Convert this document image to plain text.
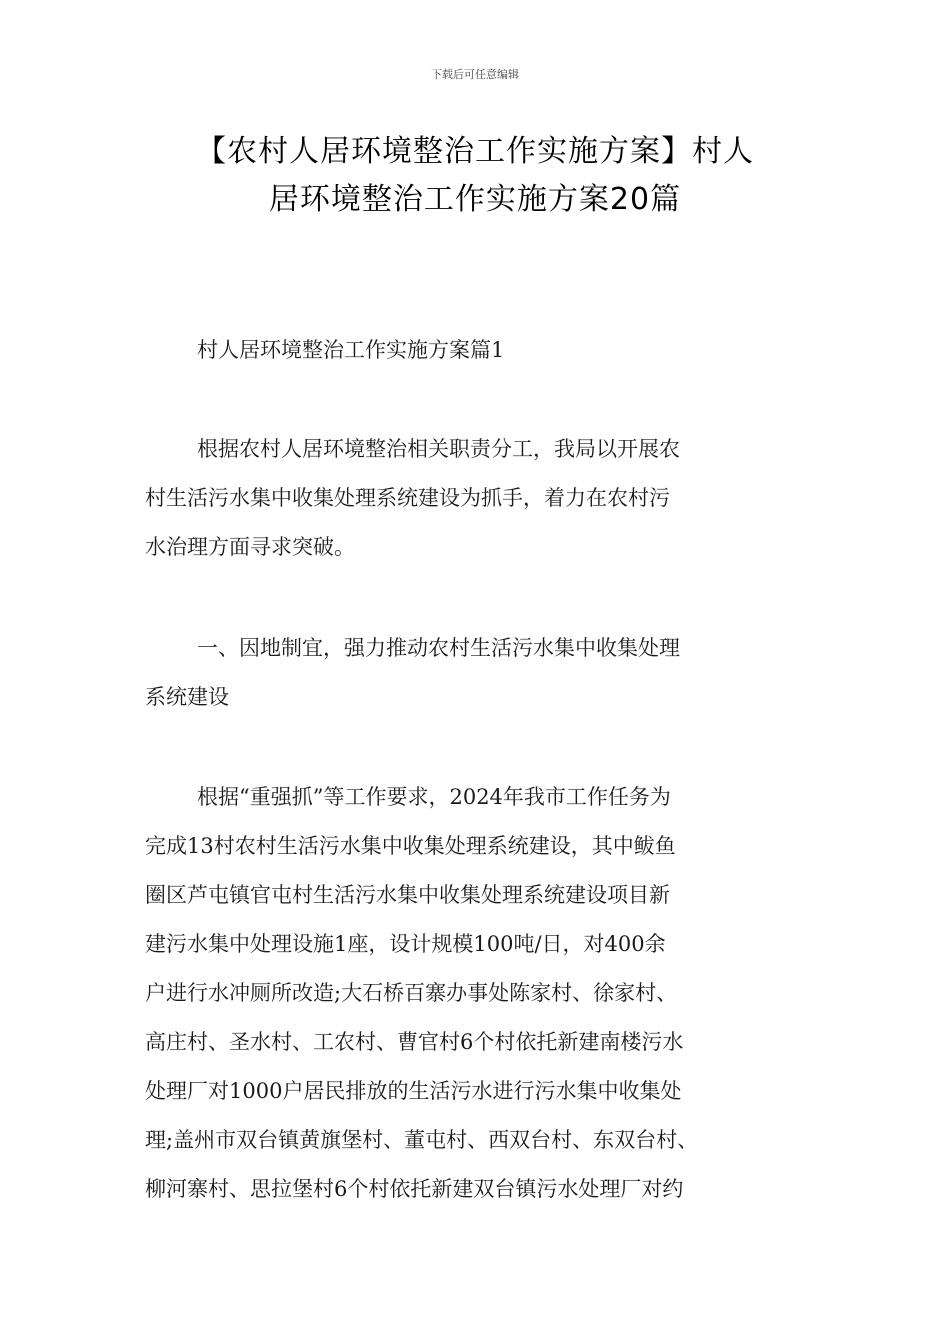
下载后可任意编辑
【农村人居环境整治工作实施方案】村人
居环境整治工作实施方案20篇

村人居环境整治工作实施方案篇1

根据农村人居环境整治相关职责分工，我局以开展农
村生活污水集中收集处理系统建设为抓手，着力在农村污
水治理方面寻求突破。

一、因地制宜，强力推动农村生活污水集中收集处理
系统建设

根据“重强抓”等工作要求，2024年我市工作任务为
完成13村农村生活污水集中收集处理系统建设，其中鲅鱼
圈区芦屯镇官屯村生活污水集中收集处理系统建设项目新
建污水集中处理设施1座，设计规模100吨/日，对400余
户进行水冲厕所改造;大石桥百寨办事处陈家村、徐家村、
高庄村、圣水村、工农村、曹官村6个村依托新建南楼污水
处理厂对1000户居民排放的生活污水进行污水集中收集处
理;盖州市双台镇黄旗堡村、董屯村、西双台村、东双台村、
柳河寨村、思拉堡村6个村依托新建双台镇污水处理厂对约
